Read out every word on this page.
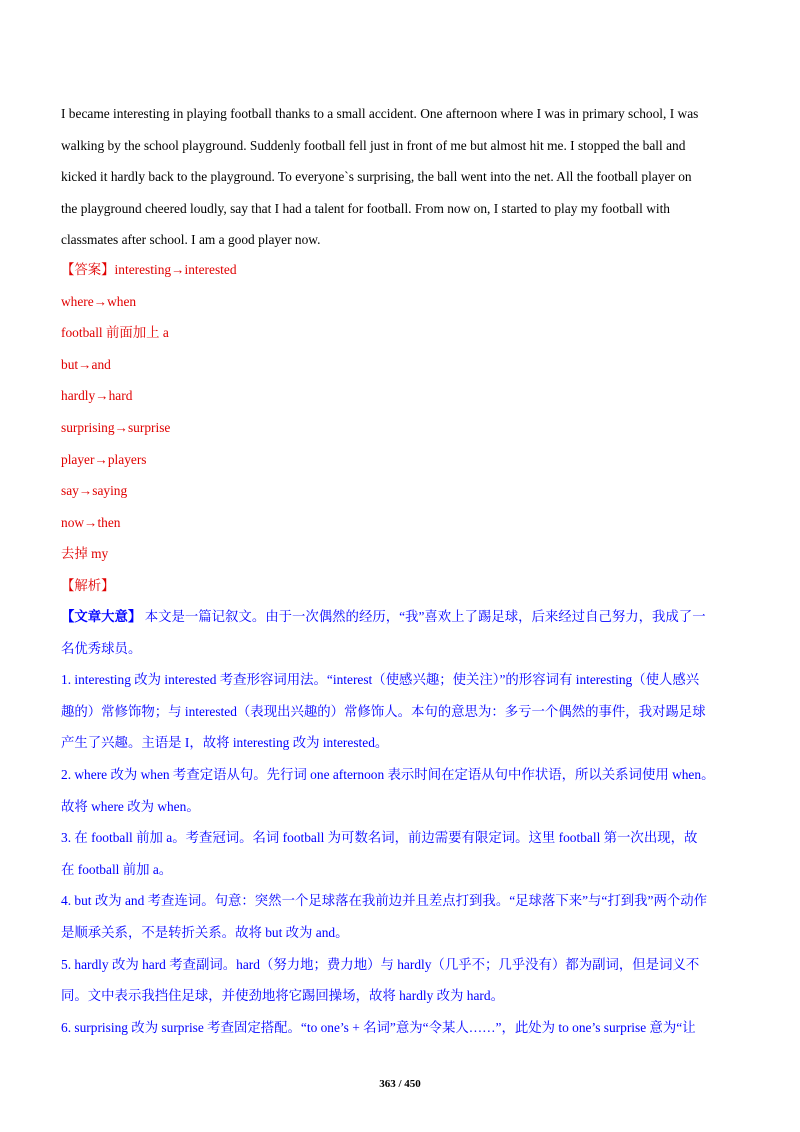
I became interesting in playing football thanks to a small accident. One afternoon where I was in primary school, I was

walking by the school playground. Suddenly football fell just in front of me but almost hit me. I stopped the ball and

kicked it hardly back to the playground. To everyone`s surprising, the ball went into the net. All the football player on

the playground cheered loudly, say that I had a talent for football. From now on, I started to play my football with

classmates after school. I am a good player now.

【答案】interesting→interested

where→when

football 前面加上 a

but→and

hardly→hard

surprising→surprise

player→players

say→saying

now→then

去掉 my

【解析】

【文章大意】 本文是一篇记叙文。由于一次偶然的经历，“我”喜欢上了踢足球，后来经过自己努力，我成了一

名优秀球员。

1. interesting 改为 interested 考查形容词用法。“interest（使感兴趣；使关注）”的形容词有 interesting（使人感兴

趣的）常修饰物；与 interested（表现出兴趣的）常修饰人。本句的意思为：多亏一个偶然的事件，我对踢足球

产生了兴趣。主语是 I，故将 interesting 改为 interested。

2. where 改为 when 考查定语从句。先行词 one afternoon 表示时间在定语从句中作状语，所以关系词使用 when。

故将 where 改为 when。

3. 在 football 前加 a。考查冠词。名词 football 为可数名词，前边需要有限定词。这里 football 第一次出现，故

在 football 前加 a。

4. but 改为 and 考查连词。句意：突然一个足球落在我前边并且差点打到我。“足球落下来”与“打到我”两个动作

是顺承关系，不是转折关系。故将 but 改为 and。

5. hardly 改为 hard 考查副词。hard（努力地；费力地）与 hardly（几乎不；几乎没有）都为副词，但是词义不

同。文中表示我挡住足球，并使劲地将它踢回操场，故将 hardly 改为 hard。

6. surprising 改为 surprise 考查固定搭配。“to one’s + 名词”意为“令某人……”，此处为 to one’s surprise 意为“让

363 / 450
